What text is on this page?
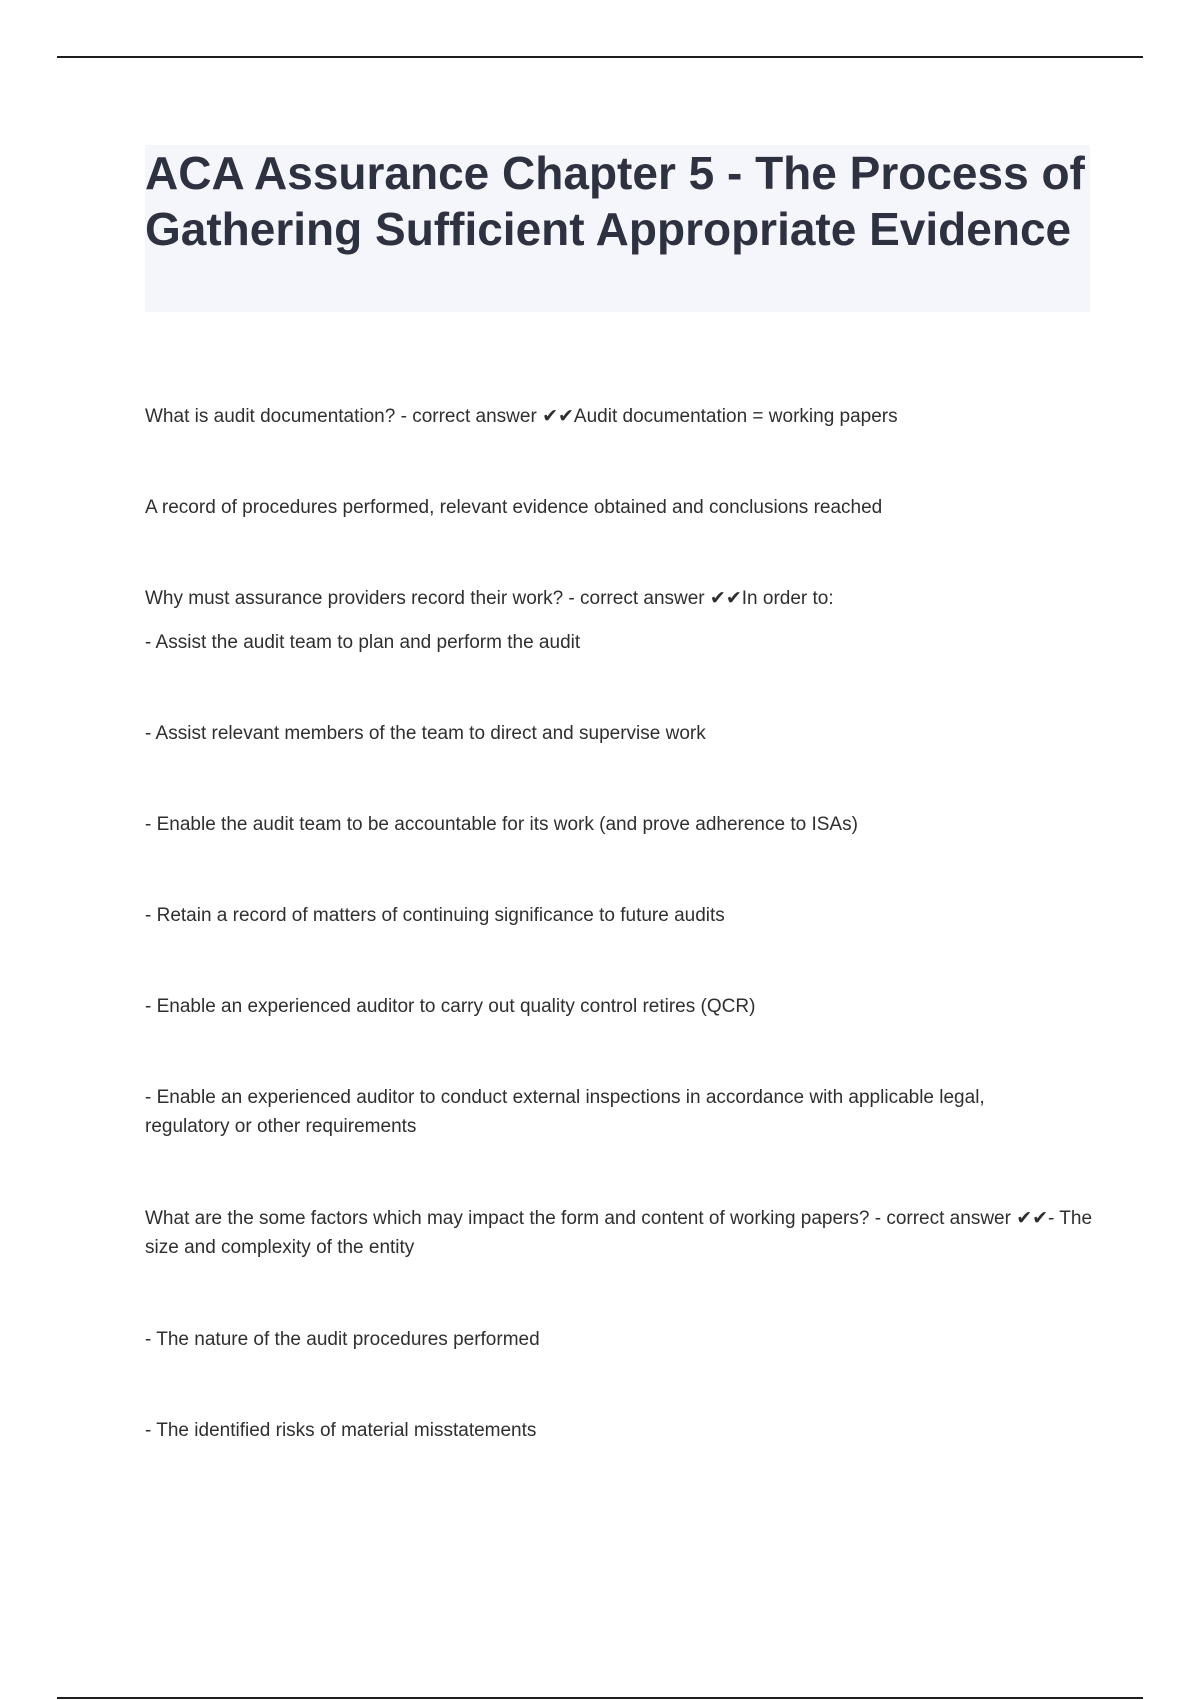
ACA Assurance Chapter 5 - The Process of Gathering Sufficient Appropriate Evidence
What is audit documentation? - correct answer ✔✔Audit documentation = working papers
A record of procedures performed, relevant evidence obtained and conclusions reached
Why must assurance providers record their work? - correct answer ✔✔In order to:
- Assist the audit team to plan and perform the audit
- Assist relevant members of the team to direct and supervise work
- Enable the audit team to be accountable for its work (and prove adherence to ISAs)
- Retain a record of matters of continuing significance to future audits
- Enable an experienced auditor to carry out quality control retires (QCR)
- Enable an experienced auditor to conduct external inspections in accordance with applicable legal, regulatory or other requirements
What are the some factors which may impact the form and content of working papers? - correct answer ✔✔- The size and complexity of the entity
- The nature of the audit procedures performed
- The identified risks of material misstatements
